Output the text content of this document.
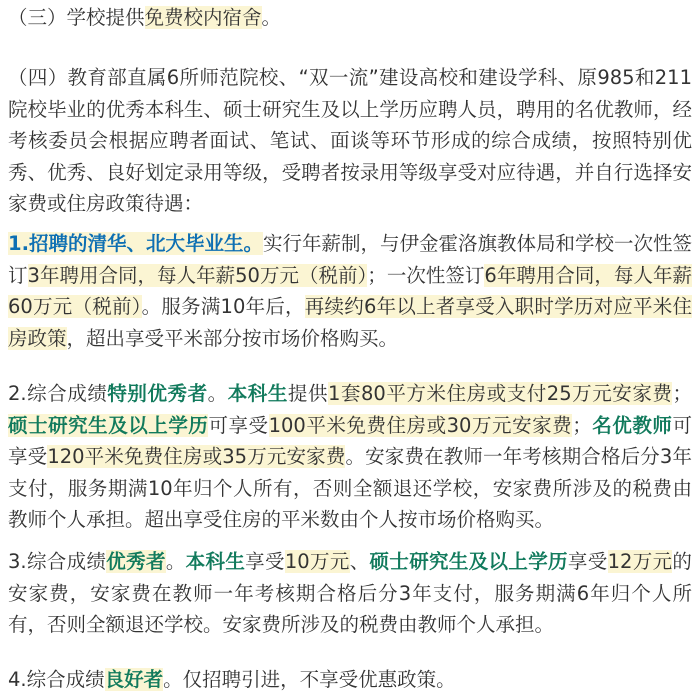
（三）学校提供免费校内宿舍。

（四）教育部直属6所师范院校、“双一流”建设高校和建设学科、原985和211院校毕业的优秀本科生、硕士研究生及以上学历应聘人员，聘用的名优教师，经考核委员会根据应聘者面试、笔试、面谈等环节形成的综合成绩，按照特别优秀、优秀、良好划定录用等级，受聘者按录用等级享受对应待遇，并自行选择安家费或住房政策待遇：

1.招聘的清华、北大毕业生。实行年薪制，与伊金霍洛旗教体局和学校一次性签订3年聘用合同，每人年薪50万元（税前）；一次性签订6年聘用合同，每人年薪60万元（税前）。服务满10年后，再续约6年以上者享受入职时学历对应平米住房政策，超出享受平米部分按市场价格购买。

2.综合成绩特别优秀者。本科生提供1套80平方米住房或支付25万元安家费；硕士研究生及以上学历可享受100平米免费住房或30万元安家费；名优教师可享受120平米免费住房或35万元安家费。安家费在教师一年考核期合格后分3年支付，服务期满10年归个人所有，否则全额退还学校，安家费所涉及的税费由教师个人承担。超出享受住房的平米数由个人按市场价格购买。

3.综合成绩优秀者。本科生享受10万元、硕士研究生及以上学历享受12万元的安家费，安家费在教师一年考核期合格后分3年支付，服务期满6年归个人所有，否则全额退还学校。安家费所涉及的税费由教师个人承担。

4.综合成绩良好者。仅招聘引进，不享受优惠政策。
